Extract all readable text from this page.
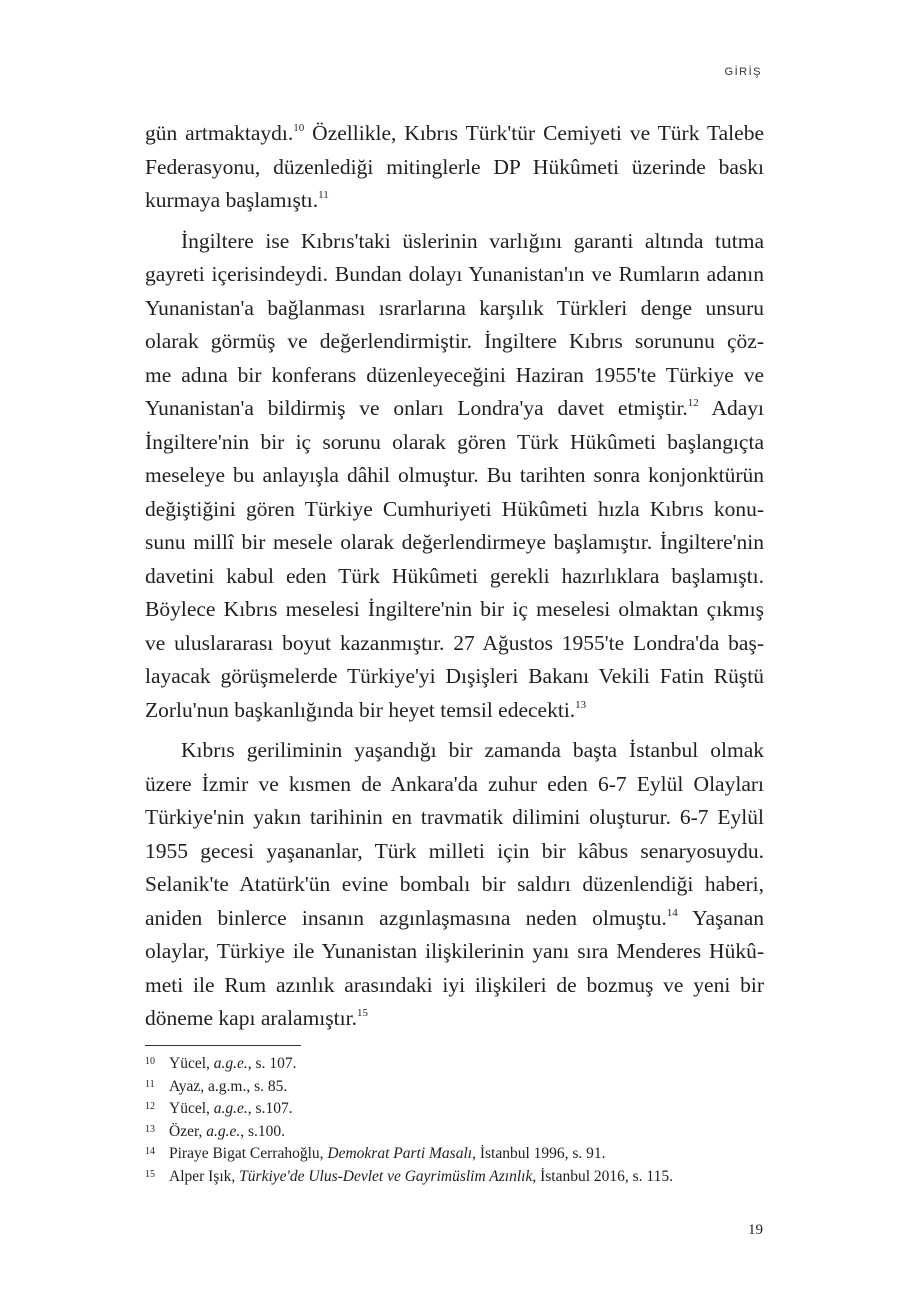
GİRİŞ
gün artmaktaydı.$^{10}$ Özellikle, Kıbrıs Türk'tür Cemiyeti ve Türk Talebe
Federasyonu, düzenlediği mitinglerle DP Hükûmeti üzerinde baskı
kurmaya başlamıştı.$^{11}$
İngiltere ise Kıbrıs'taki üslerinin varlığını garanti altında tutma
gayreti içerisindeydi. Bundan dolayı Yunanistan'ın ve Rumların adanın
Yunanistan'a bağlanması ısrarlarına karşılık Türkleri denge unsuru
olarak görmüş ve değerlendirmiştir. İngiltere Kıbrıs sorununu çöz-
me adına bir konferans düzenleyeceğini Haziran 1955'te Türkiye ve
Yunanistan'a bildirmiş ve onları Londra'ya davet etmiştir.$^{12}$ Adayı
İngiltere'nin bir iç sorunu olarak gören Türk Hükûmeti başlangıçta
meseleye bu anlayışla dâhil olmuştur. Bu tarihten sonra konjonktürün
değiştiğini gören Türkiye Cumhuriyeti Hükûmeti hızla Kıbrıs konu-
sunu millî bir mesele olarak değerlendirmeye başlamıştır. İngiltere'nin
davetini kabul eden Türk Hükûmeti gerekli hazırlıklara başlamıştı.
Böylece Kıbrıs meselesi İngiltere'nin bir iç meselesi olmaktan çıkmış
ve uluslararası boyut kazanmıştır. 27 Ağustos 1955'te Londra'da baş-
layacak görüşmelerde Türkiye'yi Dışişleri Bakanı Vekili Fatin Rüştü
Zorlu'nun başkanlığında bir heyet temsil edecekti.$^{13}$
Kıbrıs geriliminin yaşandığı bir zamanda başta İstanbul olmak
üzere İzmir ve kısmen de Ankara'da zuhur eden 6-7 Eylül Olayları
Türkiye'nin yakın tarihinin en travmatik dilimini oluşturur. 6-7 Eylül
1955 gecesi yaşananlar, Türk milleti için bir kâbus senaryosuydu.
Selanik'te Atatürk'ün evine bombalı bir saldırı düzenlendiği haberi,
aniden binlerce insanın azgınlaşmasına neden olmuştu.$^{14}$ Yaşanan
olaylar, Türkiye ile Yunanistan ilişkilerinin yanı sıra Menderes Hükû-
meti ile Rum azınlık arasındaki iyi ilişkileri de bozmuş ve yeni bir
döneme kapı aralamıştır.$^{15}$
10 Yücel, a.g.e., s. 107.
11 Ayaz, a.g.m., s. 85.
12 Yücel, a.g.e., s.107.
13 Özer, a.g.e., s.100.
14 Piraye Bigat Cerrahoğlu, Demokrat Parti Masalı, İstanbul 1996, s. 91.
15 Alper Işık, Türkiye'de Ulus-Devlet ve Gayrimüslim Azınlık, İstanbul 2016, s. 115.
19
